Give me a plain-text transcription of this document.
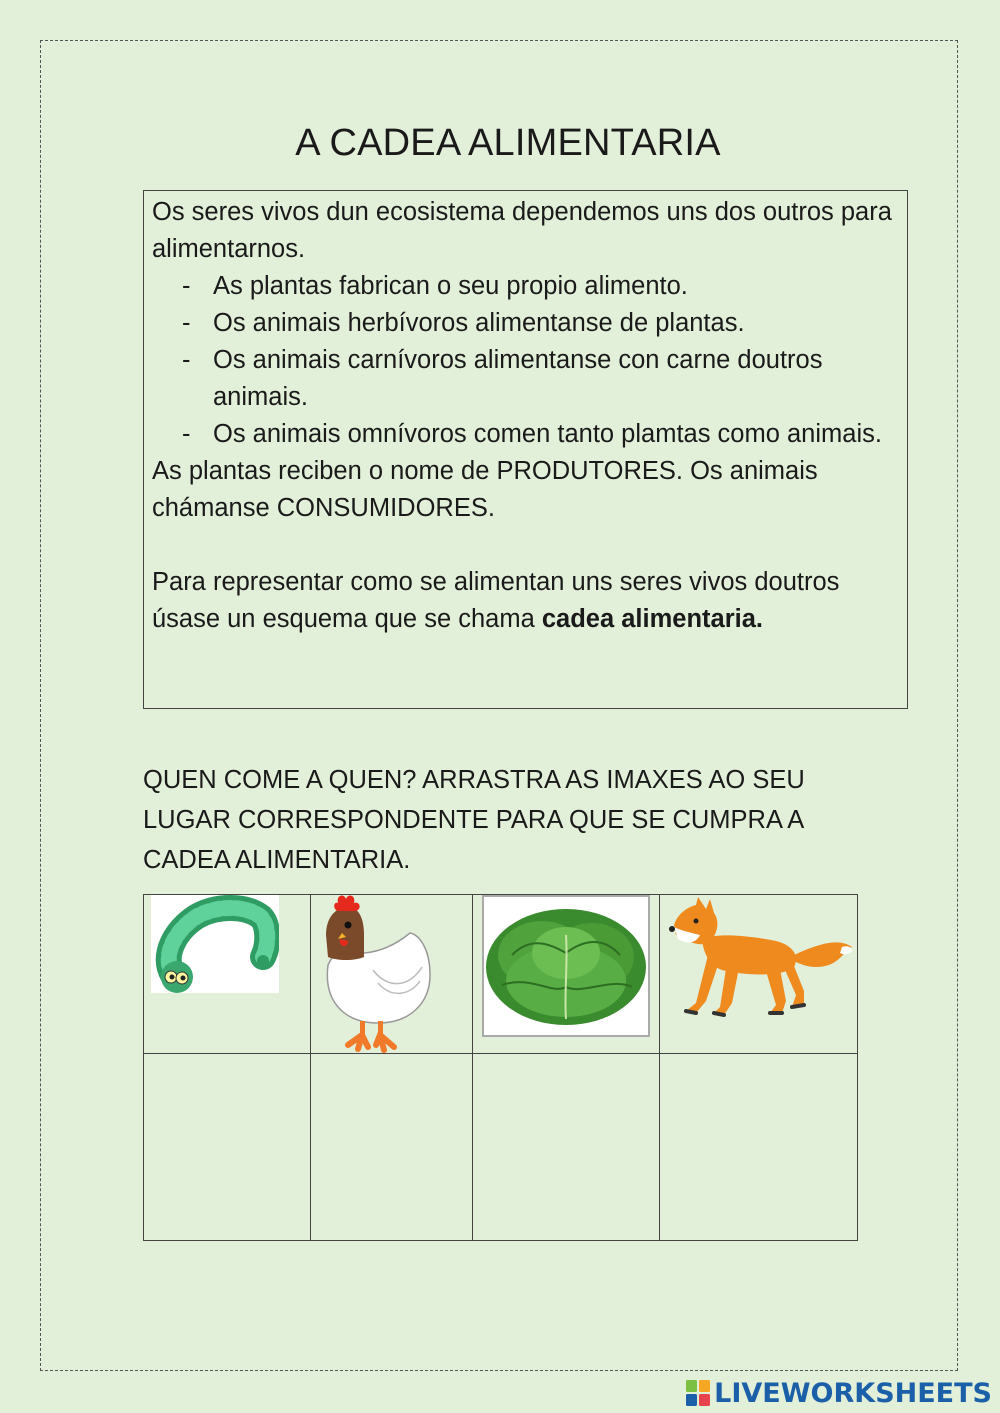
A CADEA ALIMENTARIA

Os seres vivos dun ecosistema dependemos uns dos outros para alimentarnos.

- As plantas fabrican o seu propio alimento.
- Os animais herbívoros alimentanse de plantas.
- Os animais carnívoros alimentanse con carne doutros animais.
- Os animais omnívoros comen tanto plamtas como animais.

As plantas reciben o nome de PRODUTORES. Os animais chámanse CONSUMIDORES.

Para representar como se alimentan uns seres vivos doutros úsase un esquema que se chama cadea alimentaria.

QUEN COME A QUEN? ARRASTRA AS IMAXES AO SEU LUGAR CORRESPONDENTE PARA QUE SE CUMPRA A CADEA ALIMENTARIA.

LIVEWORKSHEETS
